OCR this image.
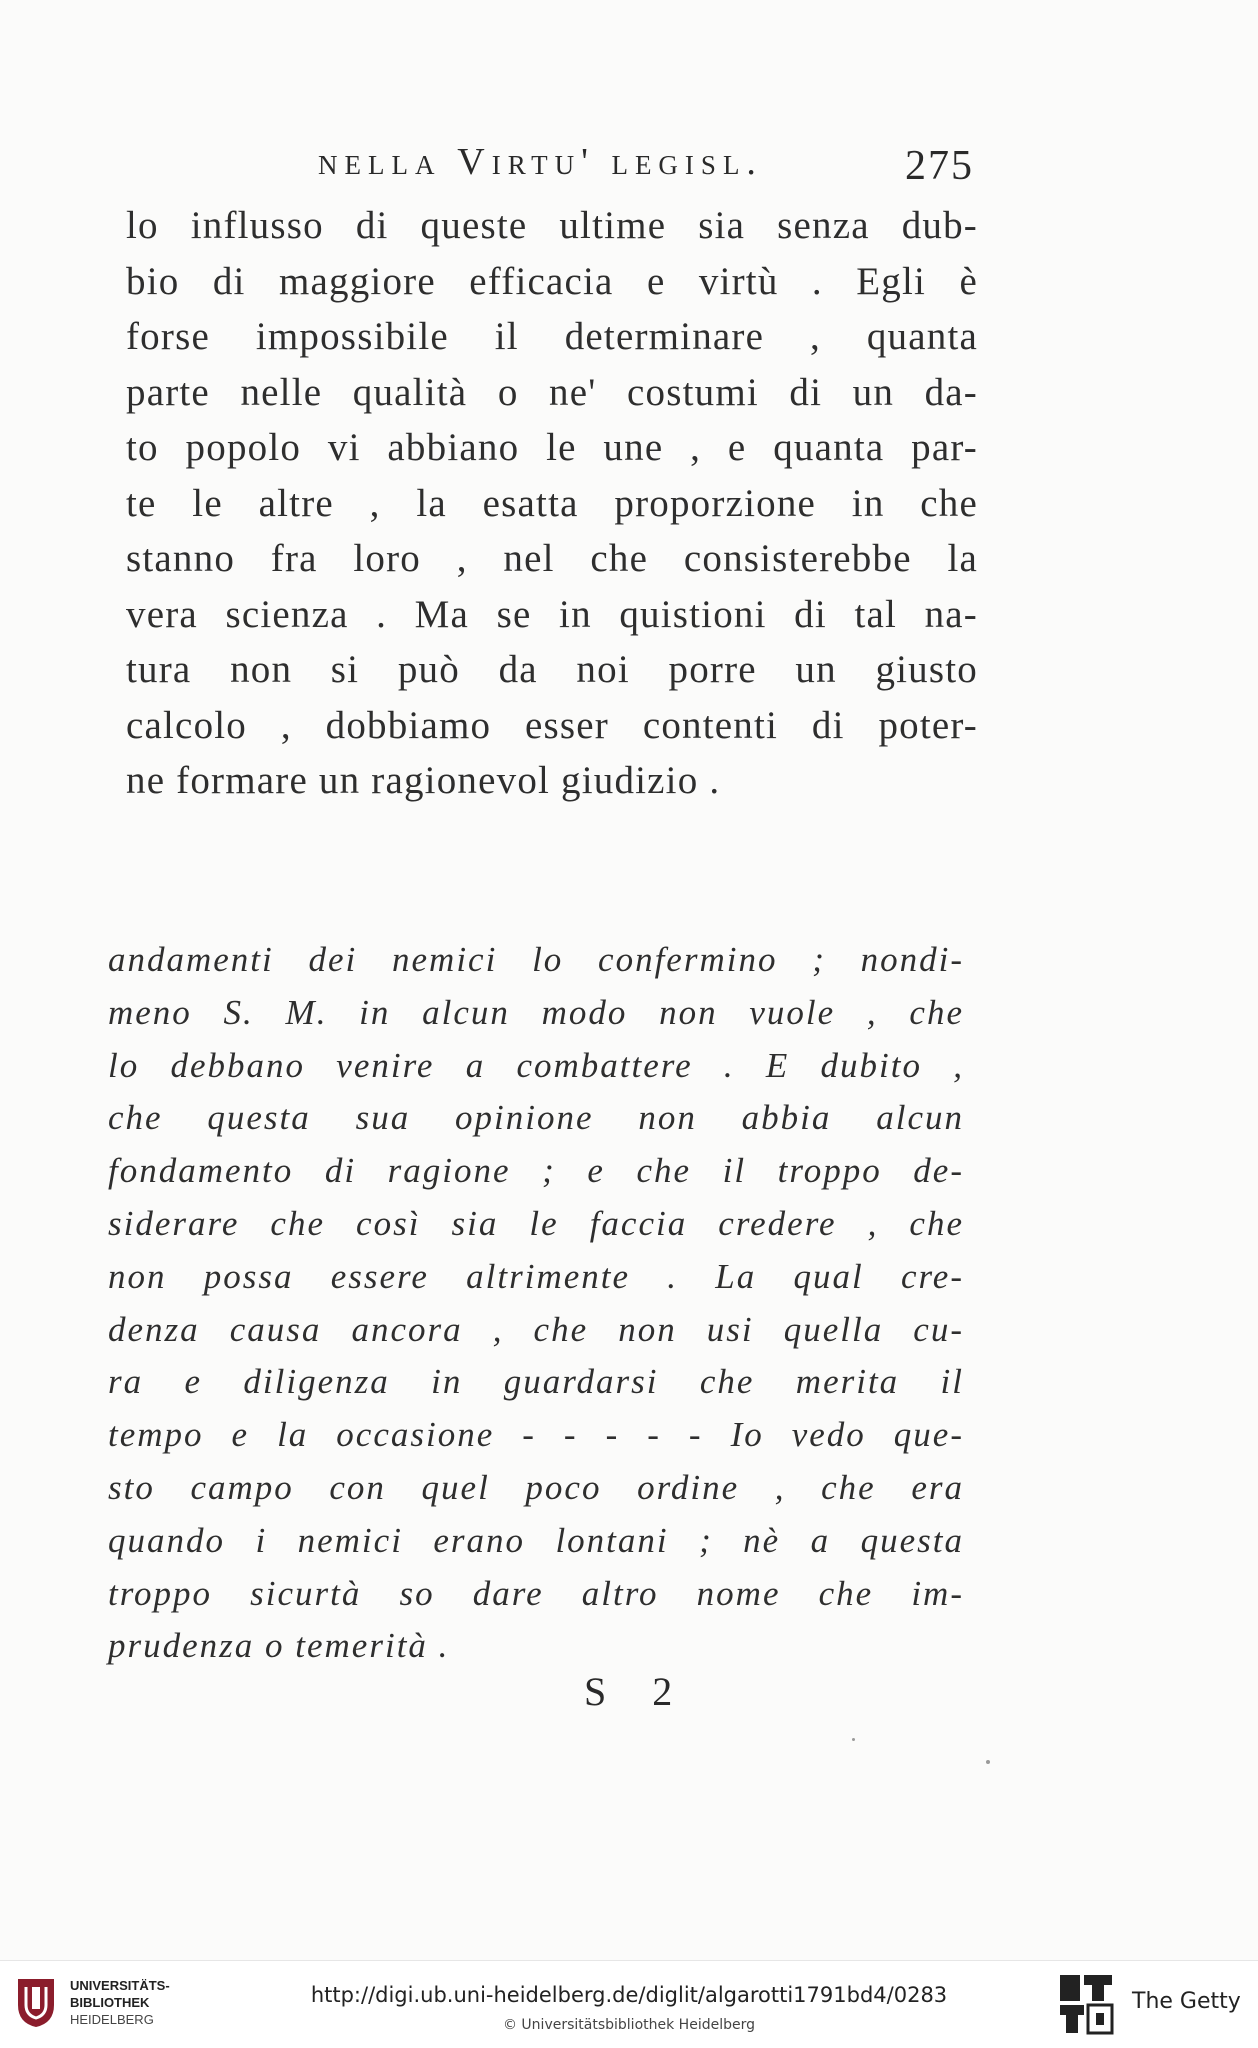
nella Virtu' legisl.	275
lo influsso di queste ultime sia senza dub-
bio di maggiore efficacia e virtù . Egli è
forse impossibile il determinare , quanta
parte nelle qualità o ne' costumi di un da-
to popolo vi abbiano le une , e quanta par-
te le altre , la esatta proporzione in che
stanno fra loro , nel che consisterebbe la
vera scienza . Ma se in quistioni di tal na-
tura non si può da noi porre un giusto
calcolo , dobbiamo esser contenti di poter-
ne formare un ragionevol giudizio .
andamenti dei nemici lo confermino ; nondi-
meno S. M. in alcun modo non vuole , che
lo debbano venire a combattere . E dubito ,
che questa sua opinione non abbia alcun
fondamento di ragione ; e che il troppo de-
siderare che così sia le faccia credere , che
non possa essere altrimente . La qual cre-
denza causa ancora , che non usi quella cu-
ra e diligenza in guardarsi che merita il
tempo e la occasione - - - - - Io vedo que-
sto campo con quel poco ordine , che era
quando i nemici erano lontani ; nè a questa
troppo sicurtà so dare altro nome che im-
prudenza o temerità .
S 2
UNIVERSITÄTS-
BIBLIOTHEK
HEIDELBERG
http://digi.ub.uni-heidelberg.de/diglit/algarotti1791bd4/0283
© Universitätsbibliothek Heidelberg
The Getty
